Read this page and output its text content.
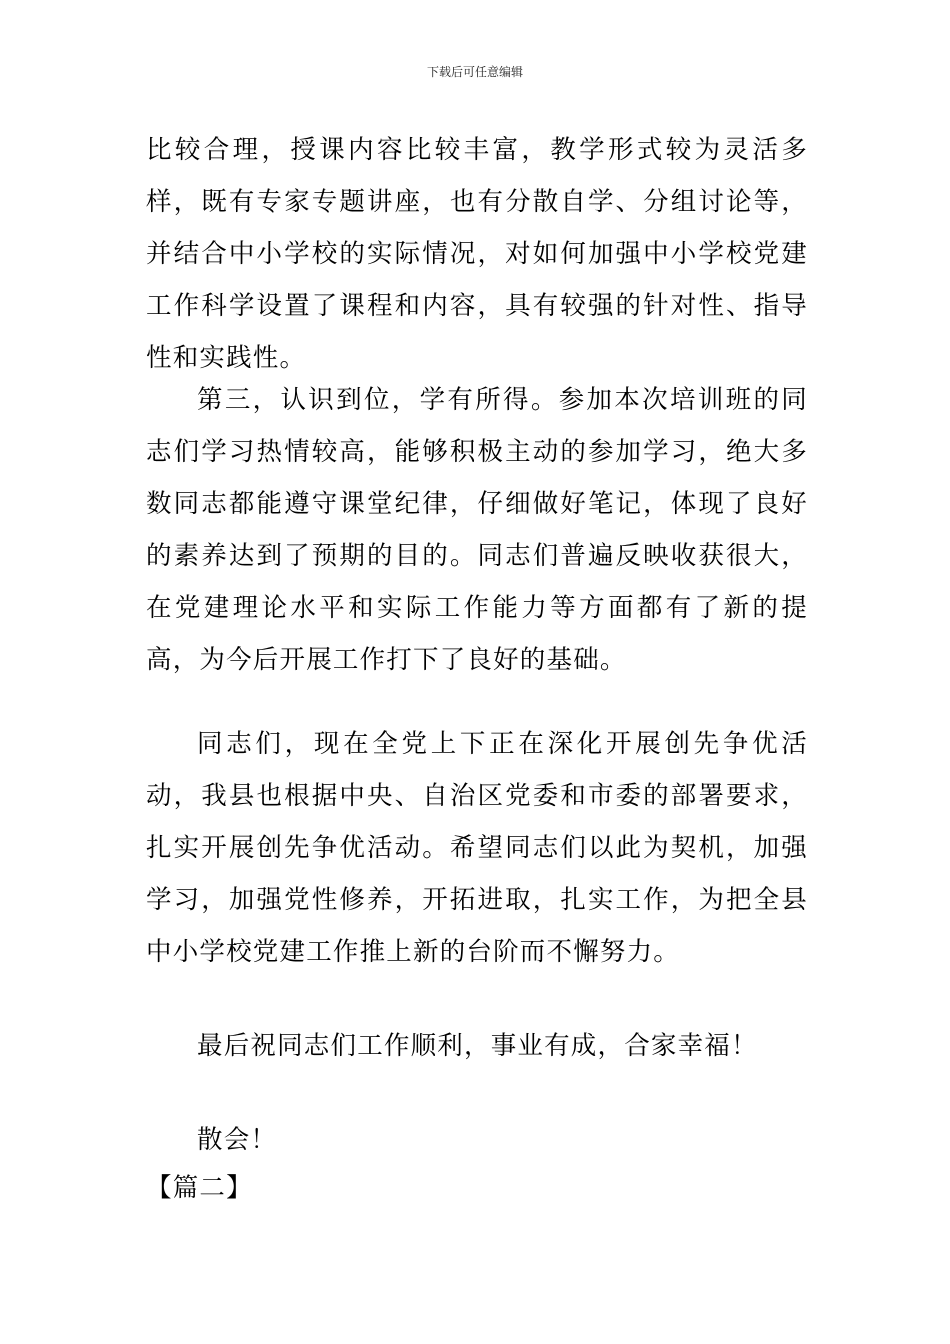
下载后可任意编辑

比较合理，授课内容比较丰富，教学形式较为灵活多样，既有专家专题讲座，也有分散自学、分组讨论等，并结合中小学校的实际情况，对如何加强中小学校党建工作科学设置了课程和内容，具有较强的针对性、指导性和实践性。

第三，认识到位，学有所得。参加本次培训班的同志们学习热情较高，能够积极主动的参加学习，绝大多数同志都能遵守课堂纪律，仔细做好笔记，体现了良好的素养达到了预期的目的。同志们普遍反映收获很大，在党建理论水平和实际工作能力等方面都有了新的提高，为今后开展工作打下了良好的基础。

同志们，现在全党上下正在深化开展创先争优活动，我县也根据中央、自治区党委和市委的部署要求，扎实开展创先争优活动。希望同志们以此为契机，加强学习，加强党性修养，开拓进取，扎实工作，为把全县中小学校党建工作推上新的台阶而不懈努力。

最后祝同志们工作顺利，事业有成，合家幸福！

散会！

【篇二】
